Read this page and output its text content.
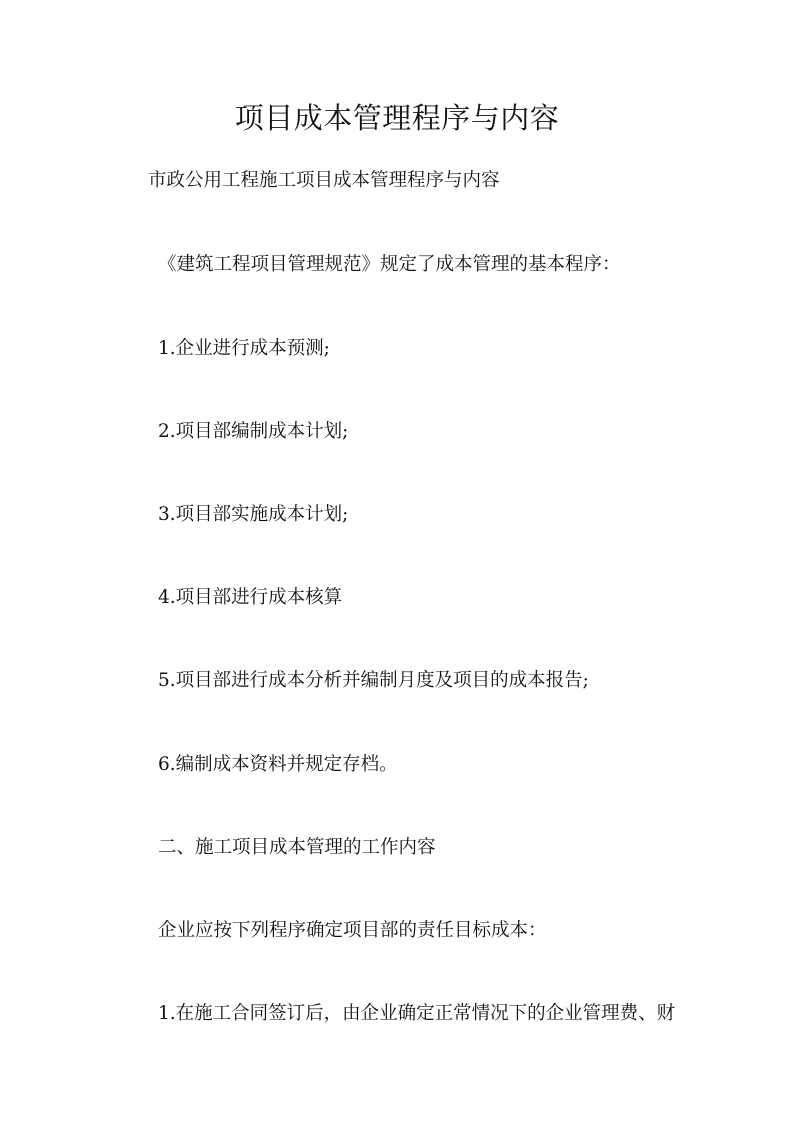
项目成本管理程序与内容
市政公用工程施工项目成本管理程序与内容
《建筑工程项目管理规范》规定了成本管理的基本程序：
1.企业进行成本预测;
2.项目部编制成本计划;
3.项目部实施成本计划;
4.项目部进行成本核算
5.项目部进行成本分析并编制月度及项目的成本报告;
6.编制成本资料并规定存档。
二、施工项目成本管理的工作内容
企业应按下列程序确定项目部的责任目标成本：
1.在施工合同签订后，由企业确定正常情况下的企业管理费、财
